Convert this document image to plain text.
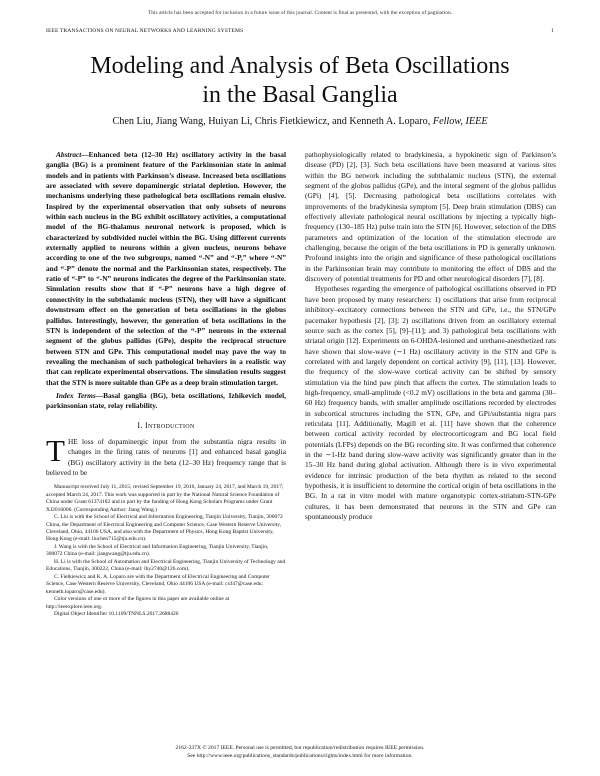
This article has been accepted for inclusion in a future issue of this journal. Content is final as presented, with the exception of pagination.
IEEE TRANSACTIONS ON NEURAL NETWORKS AND LEARNING SYSTEMS	1
Modeling and Analysis of Beta Oscillations
in the Basal Ganglia
Chen Liu, Jiang Wang, Huiyan Li, Chris Fietkiewicz, and Kenneth A. Loparo, Fellow, IEEE

Abstract—Enhanced beta (12–30 Hz) oscillatory activity in the basal ganglia (BG) is a prominent feature of the Parkinsonian state in animal models and in patients with Parkinson’s disease. Increased beta oscillations are associated with severe dopaminergic striatal depletion. However, the mechanisms underlying these pathological beta oscillations remain elusive. Inspired by the experimental observation that only subsets of neurons within each nucleus in the BG exhibit oscillatory activities, a computational model of the BG-thalamus neuronal network is proposed, which is characterized by subdivided nuclei within the BG. Using different currents externally applied to neurons within a given nucleus, neurons behave according to one of the two subgroups, named “-N” and “-P,” where “-N” and “-P” denote the normal and the Parkinsonian states, respectively. The ratio of “-P” to “-N” neurons indicates the degree of the Parkinsonian state. Simulation results show that if “-P” neurons have a high degree of connectivity in the subthalamic nucleus (STN), they will have a significant downstream effect on the generation of beta oscillations in the globus pallidus. Interestingly, however, the generation of beta oscillations in the STN is independent of the selection of the “-P” neurons in the external segment of the globus pallidus (GPe), despite the reciprocal structure between STN and GPe. This computational model may pave the way to revealing the mechanism of such pathological behaviors in a realistic way that can replicate experimental observations. The simulation results suggest that the STN is more suitable than GPe as a deep brain stimulation target.

Index Terms—Basal ganglia (BG), beta oscillations, Izhikevich model, parkinsonian state, relay reliability.

I. Introduction

THE loss of dopaminergic input from the substantia nigra results in changes in the firing rates of neurons [1] and enhanced basal ganglia (BG) oscillatory activity in the beta (12–30 Hz) frequency range that is believed to be

Manuscript received July 11, 2015; revised September 19, 2016, January 24, 2017, and March 19, 2017; accepted March 24, 2017. This work was supported in part by the National Natural Science Foundation of China under Grant 61374182 and in part by the funding of Hong Kong Scholars Programs under Grant XJ2016006. (Corresponding Author: Jiang Wang.)

C. Liu is with the School of Electrical and Information Engineering, Tianjin University, Tianjin, 300072 China, the Department of Electrical Engineering and Computer Science, Case Western Reserve University, Cleveland, Ohio, 44106 USA, and also with the Department of Physics, Hong Kong Baptist University, Hong Kong (e-mail: liuchen715@tju.edu.cn).

J. Wang is with the School of Electrical and Information Engineering, Tianjin University, Tianjin, 300072 China (e-mail: jiangwang@tju.edu.cn).

H. Li is with the School of Automation and Electrical Engineering, Tianjin University of Technology and Educations, Tianjin, 300222, China (e-mail: lhy2740@126.com).

C. Fietkiewicz and K. A. Loparo are with the Department of Electrical Engineering and Computer Science, Case Western Reserve University, Cleveland, Ohio 44106 USA (e-mail: cxf47@case.edu; kenneth.loparo@case.edu).

Color versions of one or more of the figures in this paper are available online at http://ieeexplore.ieee.org.

Digital Object Identifier 10.1109/TNNLS.2017.2688426

pathophysiologically related to bradykinesia, a hypokinetic sign of Parkinson’s disease (PD) [2], [3]. Such beta oscillations have been measured at various sites within the BG network including the subthalamic nucleus (STN), the external segment of the globus pallidus (GPe), and the interal segment of the globus pallidus (GPi) [4], [5]. Decreasing pathological beta oscillations correlates with improvements of the bradykinesia symptom [5]. Deep brain stimulation (DBS) can effectively alleviate pathological neural oscillations by injecting a typically high-frequency (130–185 Hz) pulse train into the STN [6]. However, selection of the DBS parameters and optimization of the location of the stimulation electrode are challenging, because the origin of the beta oscillations in PD is generally unknown. Profound insights into the origin and significance of these pathological oscillations in the Parkinsonian brain may contribute to monitoring the effect of DBS and the discovery of potential treatments for PD and other neurological disorders [7], [8].

Hypotheses regarding the emergence of pathological oscillations observed in PD have been proposed by many researchers: 1) oscillations that arise from reciprocal inhibitory–excitatory connections between the STN and GPe, i.e., the STN/GPe pacemaker hypothesis [2], [3]; 2) oscillations driven from an oscillatory external source such as the cortex [5], [9]–[11]; and 3) pathological beta oscillations with striatal origin [12]. Experiments on 6-OHDA-lesioned and urethane-anesthetized rats have shown that slow-wave (∼1 Hz) oscillatory activity in the STN and GPe is correlated with and largely dependent on cortical activity [9], [11], [13]. However, the frequency of the slow-wave cortical activity can be shifted by sensory stimulation via the hind paw pinch that affects the cortex. The stimulation leads to high-frequency, small-amplitude (<0.2 mV) oscillations in the beta and gamma (30–60 Hz) frequency bands, with smaller amplitude oscillations recorded by electrodes in subcortical structures including the STN, GPe, and GPi/substantia nigra pars reticulata [11]. Additionally, Magill et al. [11] have shown that the coherence between cortical activity recorded by electrocorticogram and BG local field potentials (LFPs) depends on the BG recording site. It was confirmed that coherence in the ∼1-Hz band during slow-wave activity was significantly greater than in the 15–30 Hz band during global activation. Although there is in vivo experimental evidence for intrinsic production of the beta rhythm as related to the second hypothesis, it is insufficient to determine the cortical origin of beta oscillations in the BG. In a rat in vitro model with mature organotypic cortex-striatum-STN-GPe cultures, it has been demonstrated that neurons in the STN and GPe can spontaneously produce

2162-237X © 2017 IEEE. Personal use is permitted, but republication/redistribution requires IEEE permission.
See http://www.ieee.org/publications_standards/publications/rights/index.html for more information.
